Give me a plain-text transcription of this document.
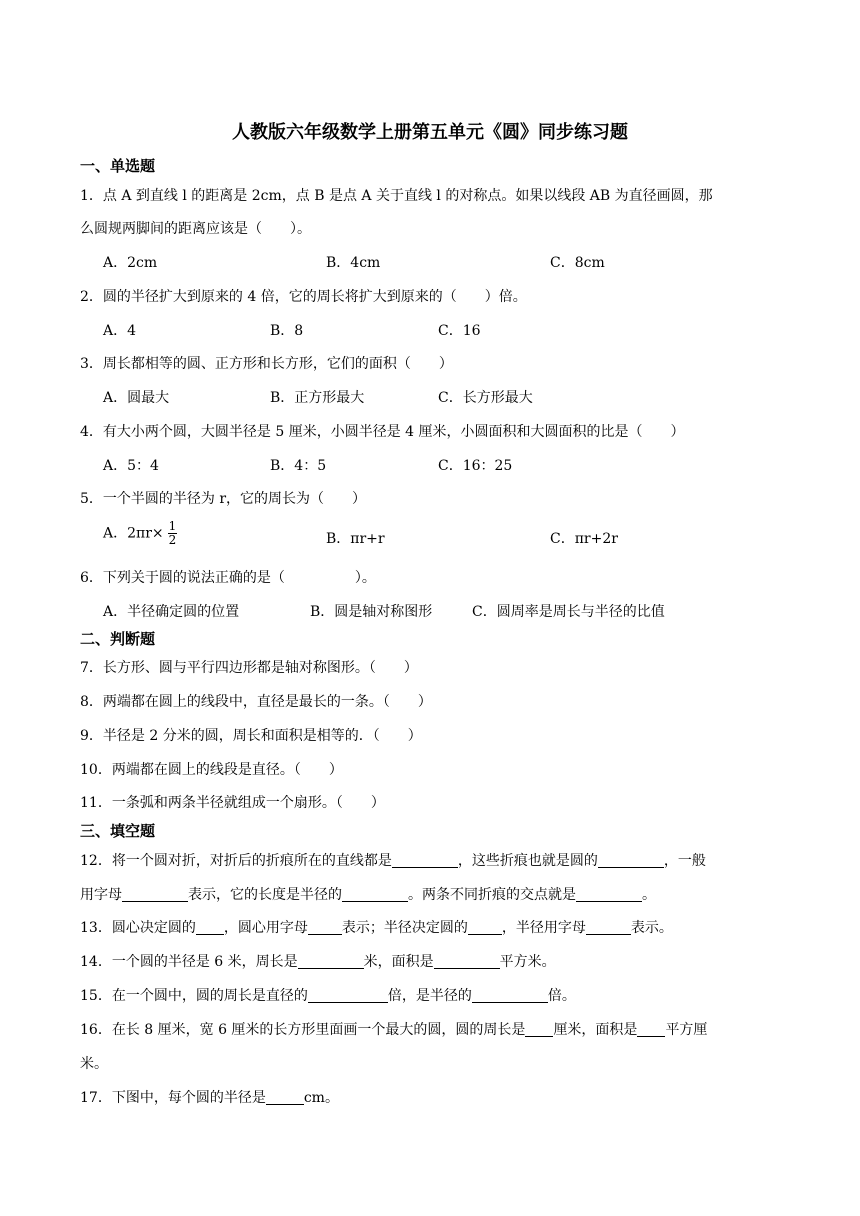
人教版六年级数学上册第五单元《圆》同步练习题
一、单选题
1．点 A 到直线 l 的距离是 2cm，点 B 是点 A 关于直线 l 的对称点。如果以线段 AB 为直径画圆，那
么圆规两脚间的距离应该是（　　）。
A．2cm	B．4cm	C．8cm
2．圆的半径扩大到原来的 4 倍，它的周长将扩大到原来的（　　）倍。
A．4	B．8	C．16
3．周长都相等的圆、正方形和长方形，它们的面积（　　）
A．圆最大	B．正方形最大	C．长方形最大
4．有大小两个圆，大圆半径是 5 厘米，小圆半径是 4 厘米，小圆面积和大圆面积的比是（　　）
A．5：4	B．4：5	C．16：25
5．一个半圆的半径为 r，它的周长为（　　）
A．$2\pi r\times \frac{1}{2}$	B．πr+r	C．πr+2r
6．下列关于圆的说法正确的是（　　　　　）。
A．半径确定圆的位置	B．圆是轴对称图形	C．圆周率是周长与半径的比值
二、判断题
7．长方形、圆与平行四边形都是轴对称图形。（　　）
8．两端都在圆上的线段中，直径是最长的一条。（　　）
9．半径是 2 分米的圆，周长和面积是相等的．（　　）
10．两端都在圆上的线段是直径。（　　）
11．一条弧和两条半径就组成一个扇形。（　　）
三、填空题
12．将一个圆对折，对折后的折痕所在的直线都是	，这些折痕也就是圆的	，一般
用字母	表示，它的长度是半径的	。两条不同折痕的交点就是	。
13．圆心决定圆的 ，圆心用字母 表示；半径决定圆的 ，半径用字母	表示。
14．一个圆的半径是 6 米，周长是	米，面积是	平方米。
15．在一个圆中，圆的周长是直径的	倍，是半径的	倍。
16．在长 8 厘米，宽 6 厘米的长方形里面画一个最大的圆，圆的周长是 厘米，面积是 平方厘
米。
17．下图中，每个圆的半径是	cm。
